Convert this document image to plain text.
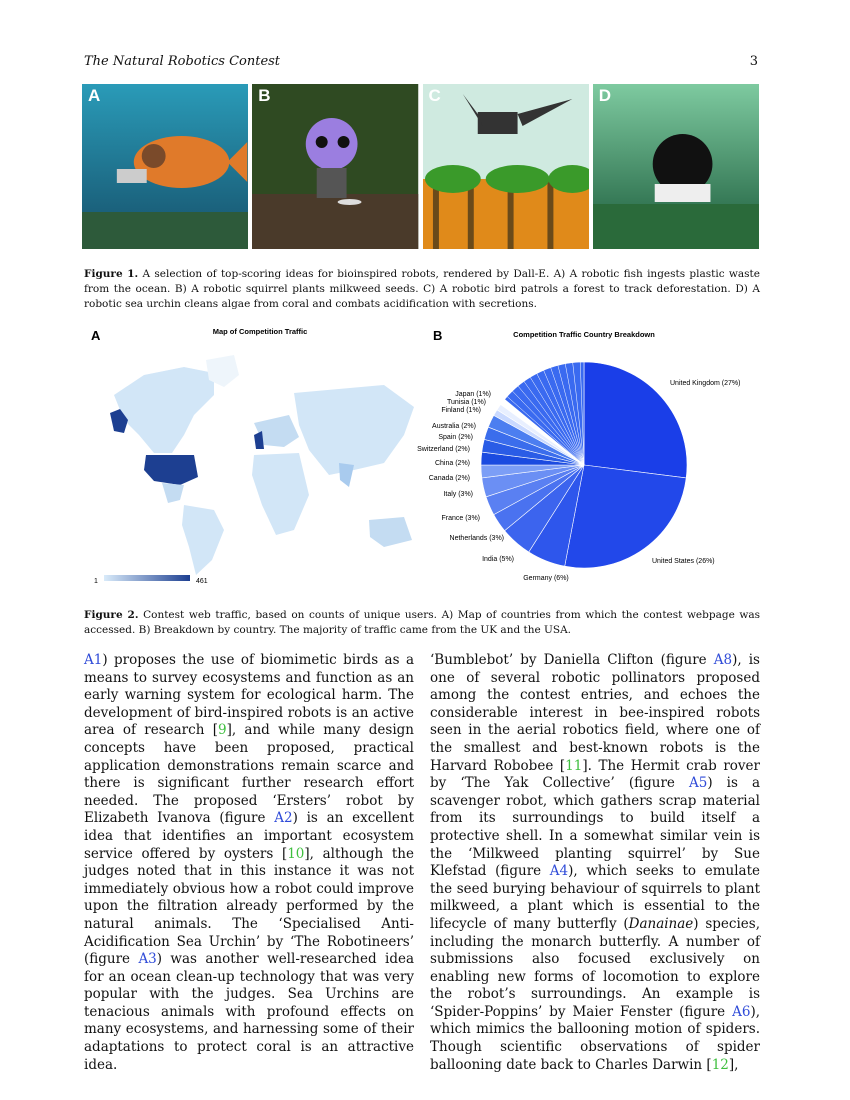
The Natural Robotics Contest	3
A	B	C	D
Figure 1. A selection of top-scoring ideas for bioinspired robots, rendered by Dall-E. A) A robotic fish ingests plastic waste from the ocean. B) A robotic squirrel plants milkweed seeds. C) A robotic bird patrols a forest to track deforestation. D) A robotic sea urchin cleans algae from coral and combats acidification with secretions.
A	Map of Competition Traffic
1	461
B	Competition Traffic Country Breakdown
United Kingdom (27%)
United States (26%)
Germany (6%)
India (5%)
Netherlands (3%)
France (3%)
Italy (3%)
Canada (2%)
China (2%)
Switzerland (2%)
Spain (2%)
Australia (2%)
Finland (1%)
Tunisia (1%)
Japan (1%)
Figure 2. Contest web traffic, based on counts of unique users. A) Map of countries from which the contest webpage was accessed. B) Breakdown by country. The majority of traffic came from the UK and the USA.
A1) proposes the use of biomimetic birds as a means to survey ecosystems and function as an early warning system for ecological harm. The development of bird-inspired robots is an active area of research [9], and while many design concepts have been proposed, practical application demonstrations remain scarce and there is significant further research effort needed. The proposed ‘Ersters’ robot by Elizabeth Ivanova (figure A2) is an excellent idea that identifies an important ecosystem service offered by oysters [10], although the judges noted that in this instance it was not immediately obvious how a robot could improve upon the filtration already performed by the natural animals. The ‘Specialised Anti-Acidification Sea Urchin’ by ‘The Robotineers’ (figure A3) was another well-researched idea for an ocean clean-up technology that was very popular with the judges. Sea Urchins are tenacious animals with profound effects on many ecosystems, and harnessing some of their adaptations to protect coral is an attractive idea.
‘Bumblebot’ by Daniella Clifton (figure A8), is one of several robotic pollinators proposed among the contest entries, and echoes the considerable interest in bee-inspired robots seen in the aerial robotics field, where one of the smallest and best-known robots is the Harvard Robobee [11]. The Hermit crab rover by ‘The Yak Collective’ (figure A5) is a scavenger robot, which gathers scrap material from its surroundings to build itself a protective shell. In a somewhat similar vein is the ‘Milkweed planting squirrel’ by Sue Klefstad (figure A4), which seeks to emulate the seed burying behaviour of squirrels to plant milkweed, a plant which is essential to the lifecycle of many butterfly (Danainae) species, including the monarch butterfly. A number of submissions also focused exclusively on enabling new forms of locomotion to explore the robot’s surroundings. An example is ‘Spider-Poppins’ by Maier Fenster (figure A6), which mimics the ballooning motion of spiders. Though scientific observations of spider ballooning date back to Charles Darwin [12],
